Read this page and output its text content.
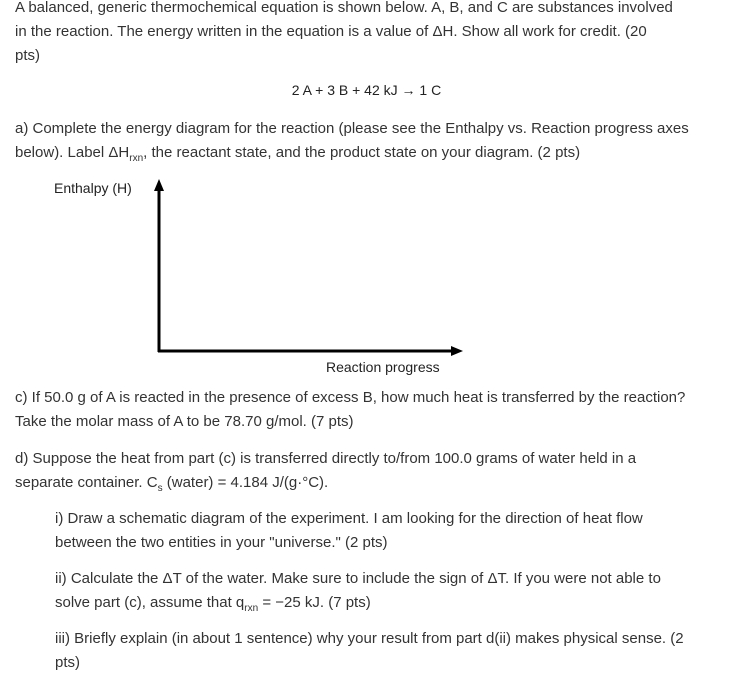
A balanced, generic thermochemical equation is shown below. A, B, and C are substances involved

in the reaction. The energy written in the equation is a value of ΔH. Show all work for credit. (20

pts)

2 A + 3 B + 42 kJ → 1 C

a) Complete the energy diagram for the reaction (please see the Enthalpy vs. Reaction progress axes

below). Label $\Delta H_{rxn}$, the reactant state, and the product state on your diagram. (2 pts)

Enthalpy (H)
Reaction progress

c) If 50.0 g of A is reacted in the presence of excess B, how much heat is transferred by the reaction?

Take the molar mass of A to be 78.70 g/mol. (7 pts)

d) Suppose the heat from part (c) is transferred directly to/from 100.0 grams of water held in a

separate container. $C_s$ (water) = 4.184 J/(g·°C).

i) Draw a schematic diagram of the experiment. I am looking for the direction of heat flow

between the two entities in your "universe." (2 pts)

ii) Calculate the ΔT of the water. Make sure to include the sign of ΔT. If you were not able to

solve part (c), assume that $q_{rxn} = -25$ kJ. (7 pts)

iii) Briefly explain (in about 1 sentence) why your result from part d(ii) makes physical sense. (2

pts)
